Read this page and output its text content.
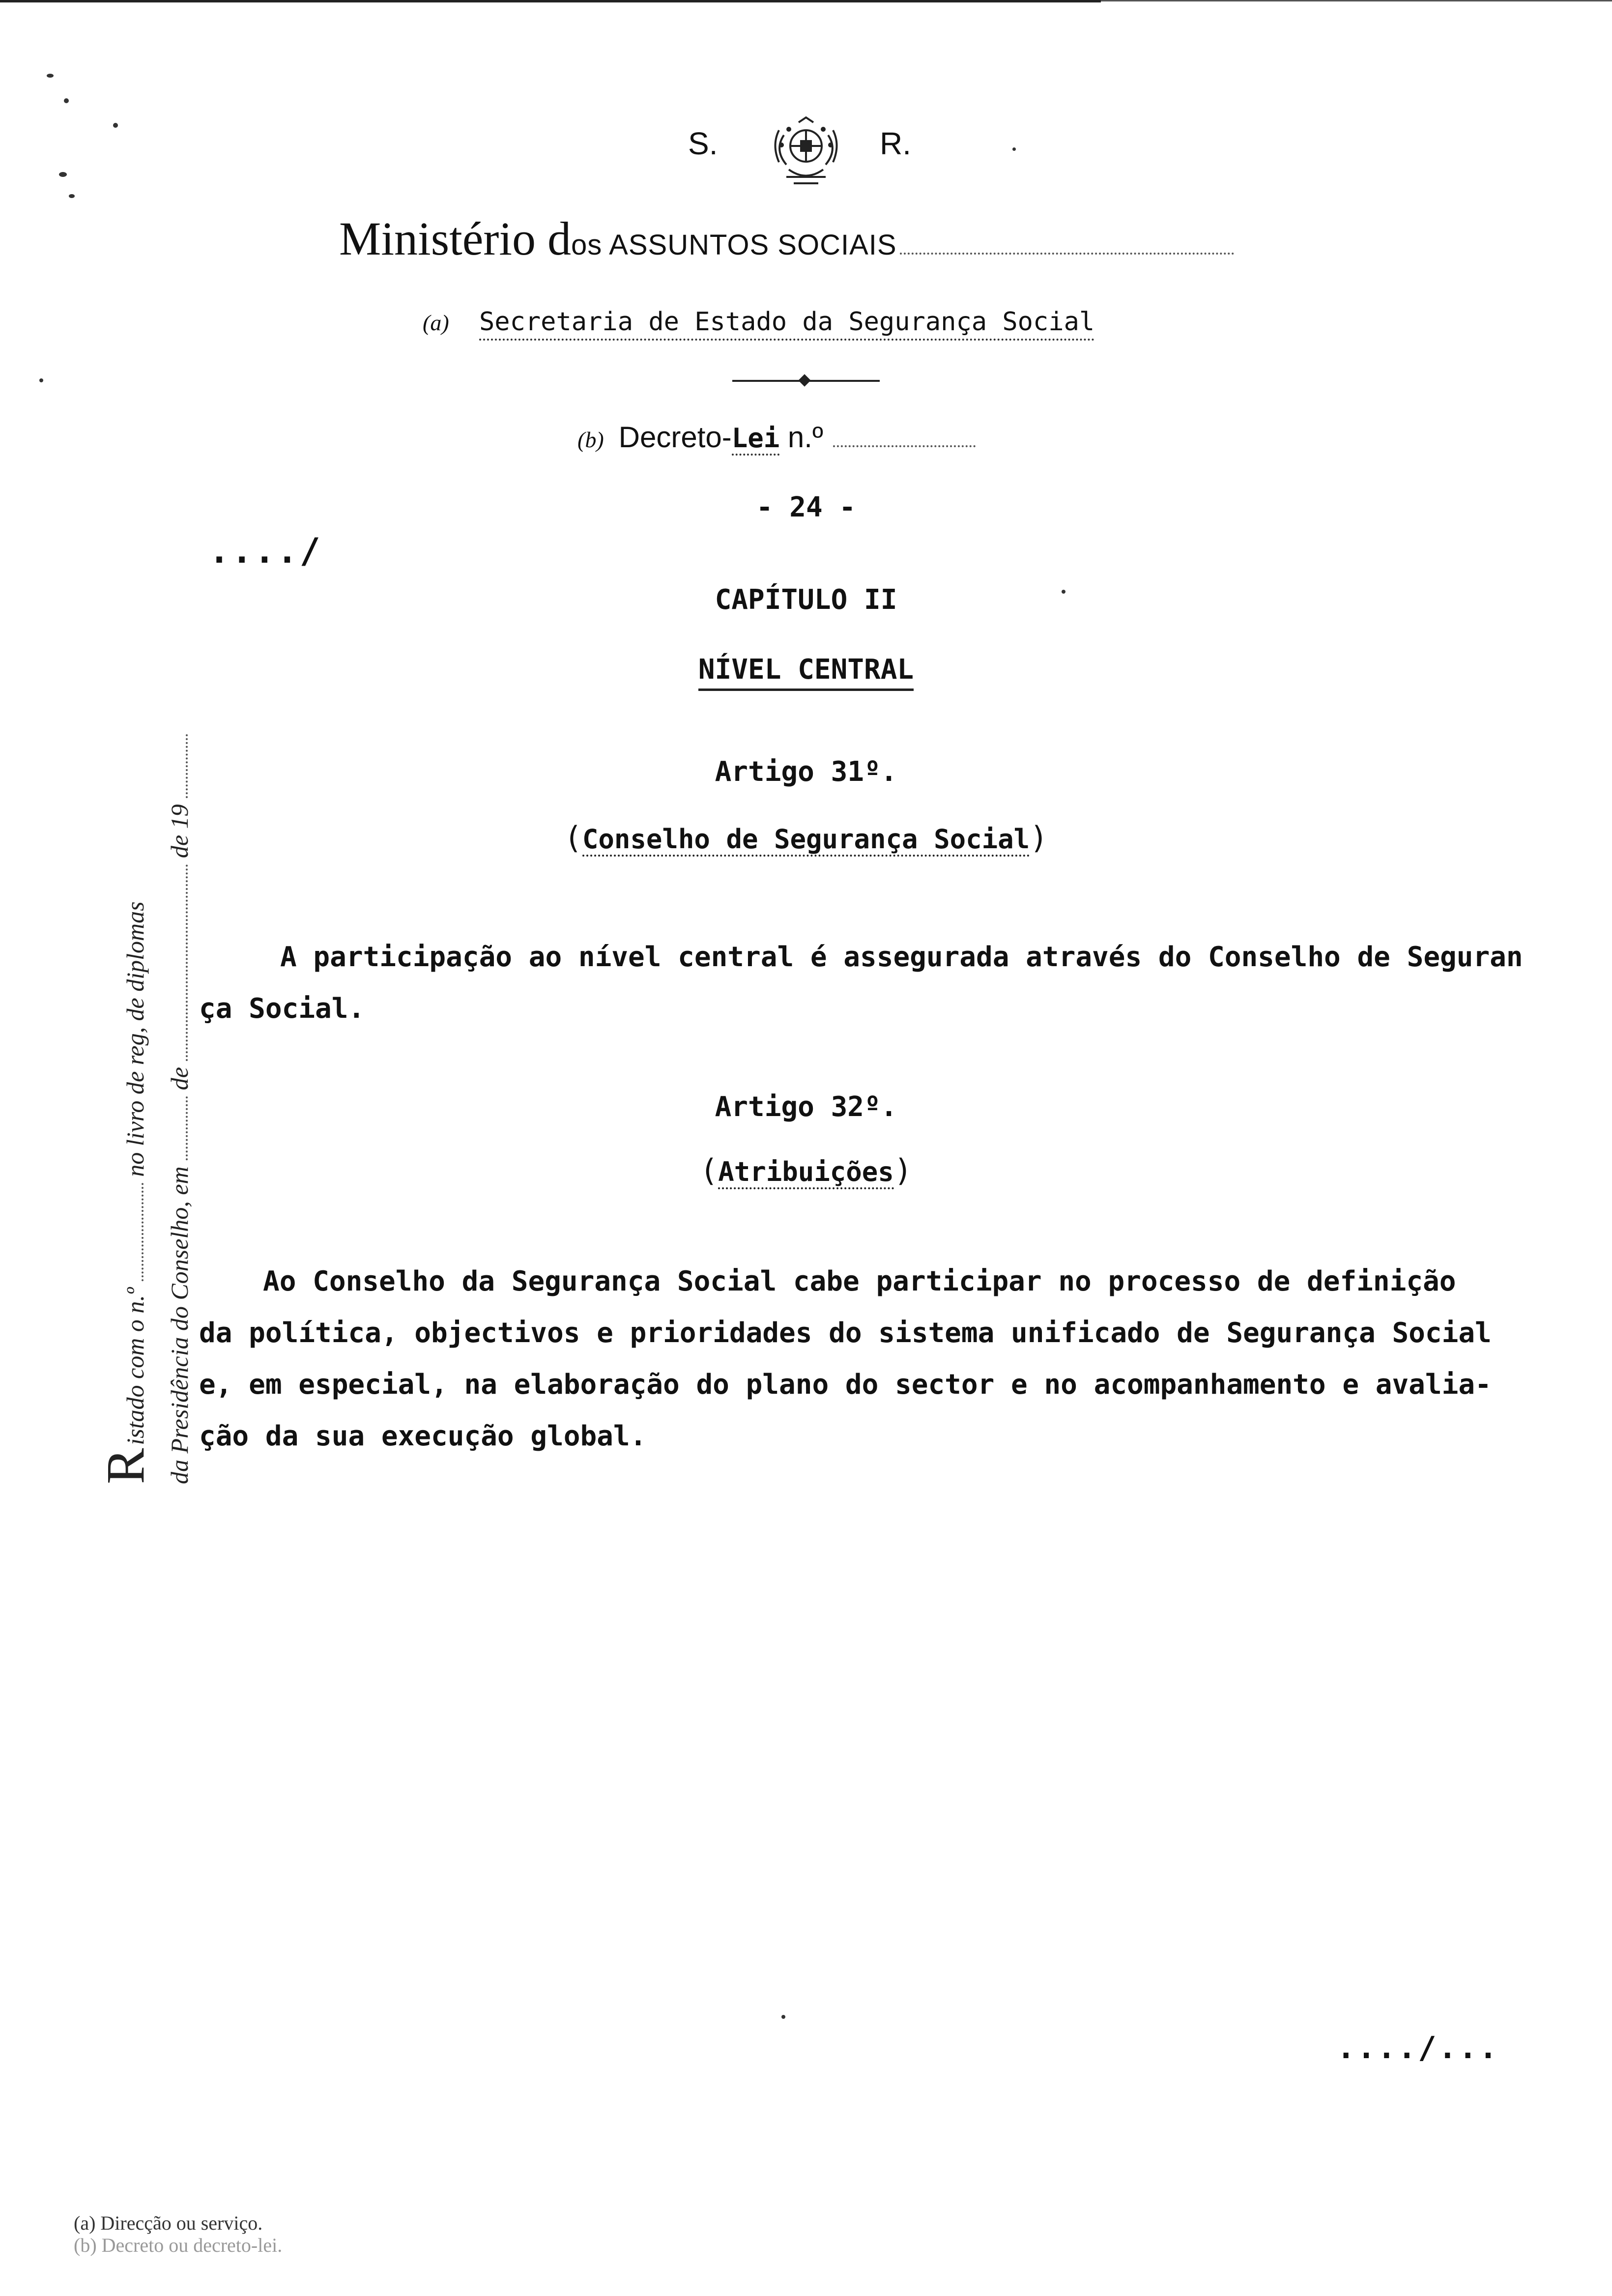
S.	R.
Ministério dos ASSUNTOS SOCIAIS
(a) Secretaria de Estado da Segurança Social
(b) Decreto-Lei n.º
- 24 -
..../
CAPÍTULO II
NÍVEL CENTRAL
Artigo 31º.
(Conselho de Segurança Social)
A participação ao nível central é assegurada através do Conselho de Seguran
ça Social.
Artigo 32º.
(Atribuições)
Ao Conselho da Segurança Social cabe participar no processo de definição
da política, objectivos e prioridades do sistema unificado de Segurança Social
e, em especial, na elaboração do plano do sector e no acompanhamento e avalia-
ção da sua execução global.
..../...
Ristado com o n.º  no livro de reg, de diplomas
da Presidência do Conselho, em  de  de 19
(a) Direcção ou serviço.
(b) Decreto ou decreto-lei.
